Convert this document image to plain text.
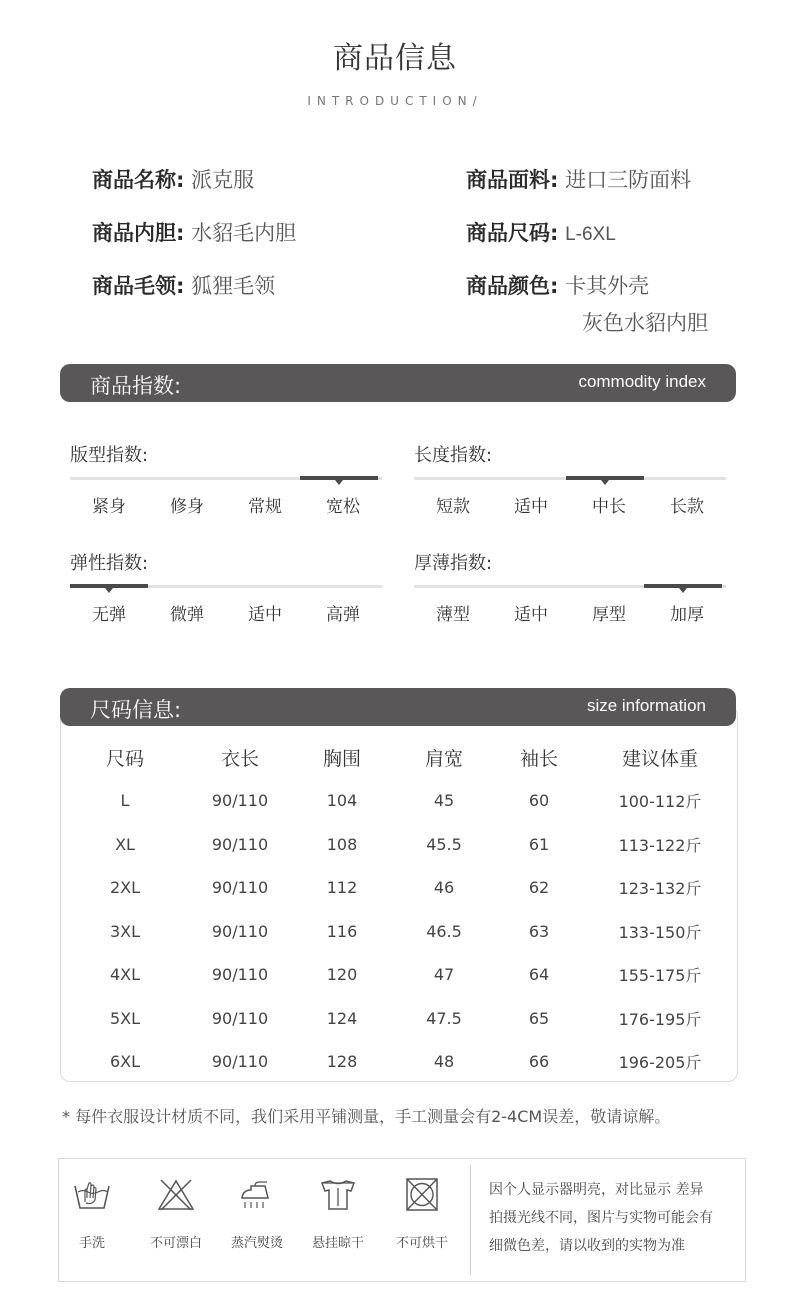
商品信息
INTRODUCTION/
商品名称: 派克服	商品面料: 进口三防面料
商品内胆: 水貂毛内胆	商品尺码: L-6XL
商品毛领: 狐狸毛领	商品颜色: 卡其外壳
灰色水貂内胆
商品指数:	commodity index
版型指数:
紧身	修身	常规	宽松
长度指数:
短款	适中	中长	长款
弹性指数:
无弹	微弹	适中	高弹
厚薄指数:
薄型	适中	厚型	加厚
尺码信息:	size information
尺码	衣长	胸围	肩宽	袖长	建议体重
L	90/110	104	45	60	100-112斤
XL	90/110	108	45.5	61	113-122斤
2XL	90/110	112	46	62	123-132斤
3XL	90/110	116	46.5	63	133-150斤
4XL	90/110	120	47	64	155-175斤
5XL	90/110	124	47.5	65	176-195斤
6XL	90/110	128	48	66	196-205斤
* 每件衣服设计材质不同，我们采用平铺测量，手工测量会有2-4CM误差，敬请谅解。
手洗	不可漂白	蒸汽熨烫	悬挂晾干	不可烘干
因个人显示器明亮，对比显示 差异
拍摄光线不同，图片与实物可能会有
细微色差，请以收到的实物为准
